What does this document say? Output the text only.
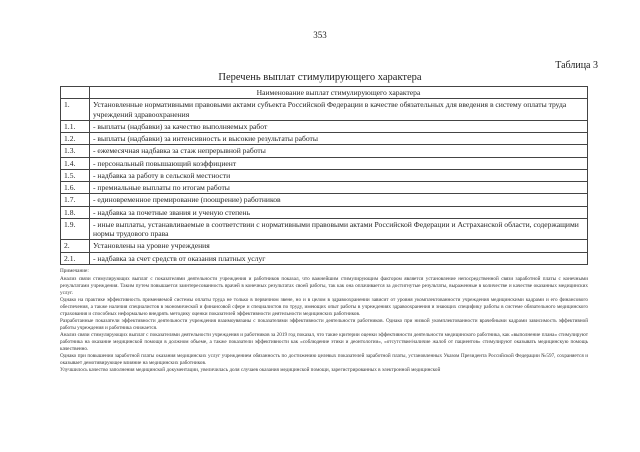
353
Таблица 3
Перечень выплат стимулирующего характера
	Наименование выплат стимулирующего характера
1.	Установленные нормативными правовыми актами субъекта Российской Федерации в качестве обязательных для введения в систему оплаты труда учреждений здравоохранения
1.1.	- выплаты (надбавки) за качество выполняемых работ
1.2.	- выплаты (надбавки) за интенсивность и высокие результаты работы
1.3.	- ежемесячная надбавка за стаж непрерывной работы
1.4.	- персональный повышающий коэффициент
1.5.	- надбавка за работу в сельской местности
1.6.	- премиальные выплаты по итогам работы
1.7.	- единовременное премирование (поощрение) работников
1.8.	- надбавка за почетные звания и ученую степень
1.9.	- иные выплаты, устанавливаемые в соответствии с нормативными правовыми актами Российской Федерации и Астраханской области, содержащими нормы трудового права
2.	Установлены на уровне учреждения
2.1.	- надбавка за счет средств от оказания платных услуг

Примечание:

Анализ связи стимулирующих выплат с показателями деятельности учреждения и работников показал, что важнейшим стимулирующим фактором является установление непосредственной связи заработной платы с конечными результатами учреждения. Таким путем повышается заинтересованность врачей в конечных результатах своей работы, так как она оплачивается за достигнутые результаты, выраженные в количестве и качестве оказанных медицинских услуг.

Однако на практике эффективность применяемой системы оплаты труда не только в первичном звене, но и в целом в здравоохранении зависит от уровня укомплектованности учреждения медицинскими кадрами и его финансового обеспечения, а также наличия специалистов в экономической и финансовой сфере и специалистов по труду, имеющих опыт работы в учреждениях здравоохранения и знающих специфику работы в системе обязательного медицинского страхования и способных неформально внедрять методику оценки показателей эффективности деятельности медицинских работников.

Разработанные показатели эффективности деятельности учреждения взаимоувязаны с показателями эффективности деятельности работников. Однако при низкой укомплектованности врачебными кадрами зависимость эффективной работы учреждения и работника снижается.

Анализ связи стимулирующих выплат с показателями деятельности учреждения и работников за 2019 год показал, что такие критерии оценки эффективности деятельности медицинского работника, как «выполнение плана» стимулируют работника на оказание медицинской помощи в должном объеме, а также показатели эффективности как «соблюдение этики и деонтологии», «отсутствие/наличие жалоб от пациентов» стимулируют оказывать медицинскую помощь качественно.

Однако при повышении заработной платы оказания медицинских услуг учреждением обязанность по достижению целевых показателей заработной платы, установленных Указом Президента Российской Федерации №597, сохраняется и оказывает демотивирующее влияние на медицинских работников.

Улучшилось качество заполнения медицинской документации, увеличилась доля случаев оказания медицинской помощи, зарегистрированных в электронной медицинской
